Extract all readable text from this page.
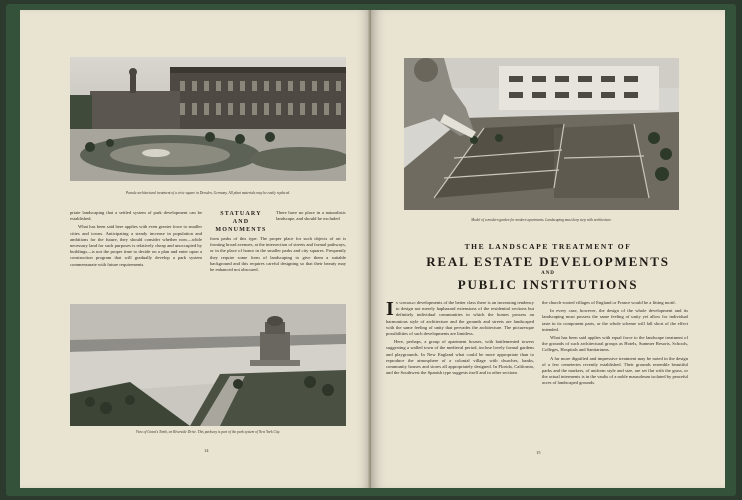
Parade architectural treatment of a civic square in Dresden, Germany. All plant materials may be easily replaced.

priate landscaping that a settled system of park development can be established.

What has been said here applies with even greater force to smaller cities and towns. Anticipating a steady increase in population and ambitions for the future, they should consider whether now—while necessary land for such purposes is relatively cheap and unoccupied by buildings—is not the proper time to decide on a plan and enter upon a construction program that will gradually develop a park system commensurate with future requirements.

STATUARY
AND
MONUMENTS
There have no place in a naturalistic landscape, and should be excluded

from parks of this type. The proper place for such objects of art is fronting broad avenues, at the intersection of streets and formal pathways, or in the place of honor in the smaller parks and city squares. Frequently they require some form of landscaping to give them a suitable background and this requires careful designing so that their beauty may be enhanced not obscured.

View of Grant's Tomb, on Riverside Drive. This parkway is part of the park system of New York City.
14
Model of a modern garden for modern apartments. Landscaping must keep step with architecture.
THE LANDSCAPE TREATMENT OF
REAL ESTATE DEVELOPMENTS
AND
PUBLIC INSTITUTIONS

I n suburban developments of the better class there is an increasing tendency to design not merely haphazard extensions of the residential sections but definitely individual communities in which the homes possess an harmonious style of architecture and the grounds and streets are landscaped with the same feeling of unity that pervades the architecture. The picturesque possibilities of such developments are limitless.

Here, perhaps, a group of apartment houses, with battlemented towers suggesting a walled town of the medieval period, inclose lovely formal gardens and playgrounds. In New England what could be more appropriate than to reproduce the atmosphere of a colonial village with churches, banks, community houses and stores all appropriately designed. In Florida, California, and the Southwest the Spanish type suggests itself and in other sections

the church-rooted villages of England or France would be a fitting motif.

In every case, however, the design of the whole development and its landscaping must possess the same feeling of unity yet allow for individual taste in its component parts, or the whole scheme will fall short of the effect intended.

What has been said applies with equal force to the landscape treatment of the grounds of such architectural groups as Hotels, Summer Resorts, Schools, Colleges, Hospitals and Sanitariums.

A far more dignified and impressive treatment may be noted in the design of a few cemeteries recently established. Their grounds resemble beautiful parks and the markers, of uniform style and size, are set flat with the grass, or the actual interments is in the vaults of a noble mausoleum isolated by peaceful acres of landscaped grounds.

15
